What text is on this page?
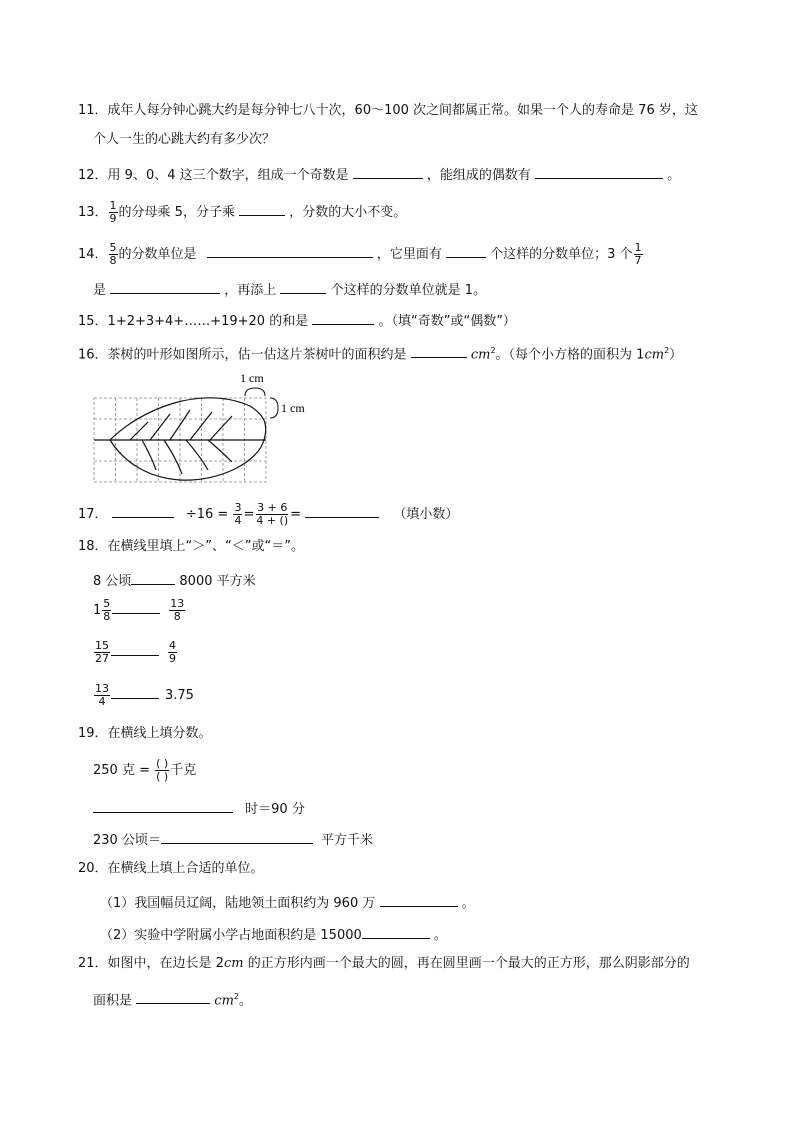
11．成年人每分钟心跳大约是每分钟七八十次，60～100 次之间都属正常。如果一个人的寿命是 76 岁，这
个人一生的心跳大约有多少次？
12．用 9、0、4 这三个数字，组成一个奇数是	，能组成的偶数有	。
13． $\frac{1}{9}$ 的分母乘 5，分子乘	，分数的大小不变。
14． $\frac{5}{8}$ 的分数单位是	，它里面有	个这样的分数单位；3 个 $\frac{1}{7}$
是	，再添上	个这样的分数单位就是 1。
15．1+2+3+4+……+19+20 的和是	。（填“奇数”或“偶数”）
16．茶树的叶形如图所示，估一估这片茶树叶的面积约是	$cm^2$。（每个小方格的面积为 $1cm^2$）
1 cm
1 cm
17．	$\div 16 = \frac{3}{4} = \frac{3 + 6}{4 + ()}$ =	（填小数）
18．在横线里填上“＞”、“＜”或“＝”。
8 公顷	8000 平方米
$1 \frac{5}{8}$	$\frac{13}{8}$
$\frac{15}{27}$	$\frac{4}{9}$
$\frac{13}{4}$	3.75
19．在横线上填分数。
250 克 = ( )
( ) 千克
时＝90 分
230 公顷＝	平方千米
20．在横线上填上合适的单位。
（1）我国幅员辽阔，陆地领土面积约为 960 万	。
（2）实验中学附属小学占地面积约是 15000	。
21．如图中，在边长是 2cm 的正方形内画一个最大的圆，再在圆里画一个最大的正方形，那么阴影部分的
面积是	$cm^2$。
